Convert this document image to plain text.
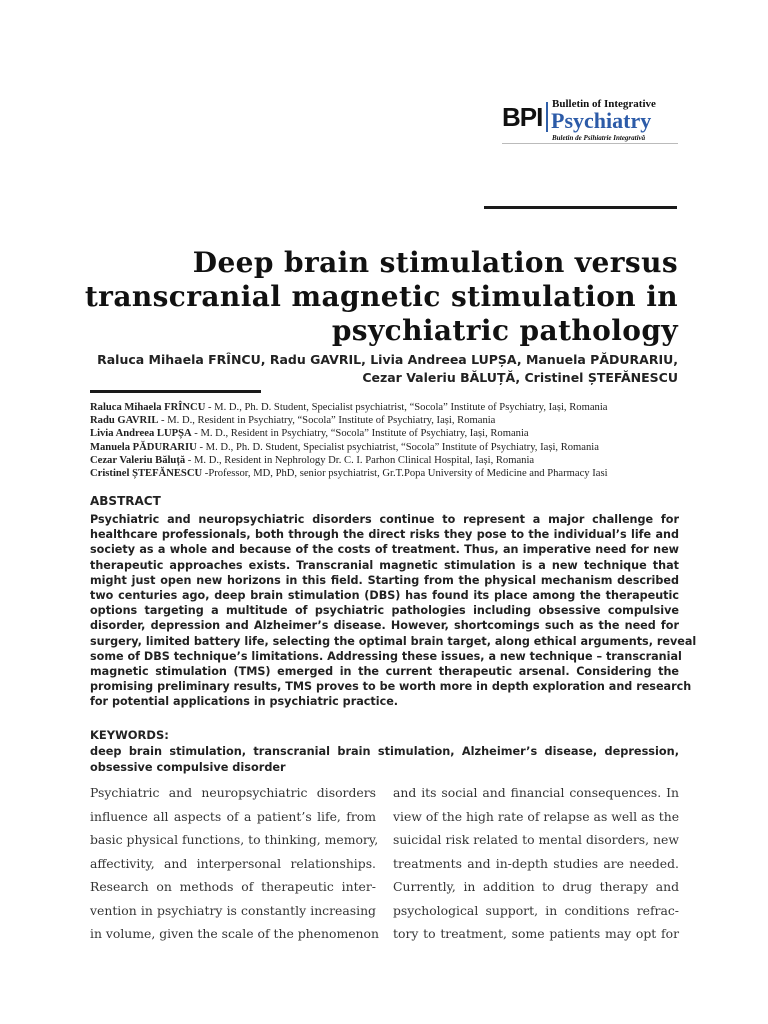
BPI Bulletin of Integrative
Psychiatry
Buletin de Psihiatrie Integrativă
Deep brain stimulation versus
transcranial magnetic stimulation in
psychiatric pathology
Raluca Mihaela FRÎNCU, Radu GAVRIL, Livia Andreea LUPȘA, Manuela PĂDURARIU,
Cezar Valeriu BĂLUȚĂ, Cristinel ȘTEFĂNESCU
Raluca Mihaela FRÎNCU - M. D., Ph. D. Student, Specialist psychiatrist, “Socola” Institute of Psychiatry, Iași, Romania
Radu GAVRIL - M. D., Resident in Psychiatry, “Socola” Institute of Psychiatry, Iași, Romania
Livia Andreea LUPȘA - M. D., Resident in Psychiatry, “Socola” Institute of Psychiatry, Iași, Romania
Manuela PĂDURARIU - M. D., Ph. D. Student, Specialist psychiatrist, “Socola” Institute of Psychiatry, Iași, Romania
Cezar Valeriu Băluță - M. D., Resident in Nephrology Dr. C. I. Parhon Clinical Hospital, Iași, Romania
Cristinel ȘTEFĂNESCU -Professor, MD, PhD, senior psychiatrist, Gr.T.Popa University of Medicine and Pharmacy Iasi
ABSTRACT
Psychiatric and neuropsychiatric disorders continue to represent a major challenge for
healthcare professionals, both through the direct risks they pose to the individual’s life and
society as a whole and because of the costs of treatment. Thus, an imperative need for new
therapeutic approaches exists. Transcranial magnetic stimulation is a new technique that
might just open new horizons in this field. Starting from the physical mechanism described
two centuries ago, deep brain stimulation (DBS) has found its place among the therapeutic
options targeting a multitude of psychiatric pathologies including obsessive compulsive
disorder, depression and Alzheimer’s disease. However, shortcomings such as the need for
surgery, limited battery life, selecting the optimal brain target, along ethical arguments, reveal
some of DBS technique’s limitations. Addressing these issues, a new technique – transcranial
magnetic stimulation (TMS) emerged in the current therapeutic arsenal. Considering the
promising preliminary results, TMS proves to be worth more in depth exploration and research
for potential applications in psychiatric practice.
KEYWORDS:
deep brain stimulation, transcranial brain stimulation, Alzheimer’s disease, depression,
obsessive compulsive disorder
Psychiatric and neuropsychiatric disorders
influence all aspects of a patient’s life, from
basic physical functions, to thinking, memory,
affectivity, and interpersonal relationships.
Research on methods of therapeutic inter-
vention in psychiatry is constantly increasing
in volume, given the scale of the phenomenon
and its social and financial consequences. In
view of the high rate of relapse as well as the
suicidal risk related to mental disorders, new
treatments and in-depth studies are needed.
Currently, in addition to drug therapy and
psychological support, in conditions refrac-
tory to treatment, some patients may opt for
